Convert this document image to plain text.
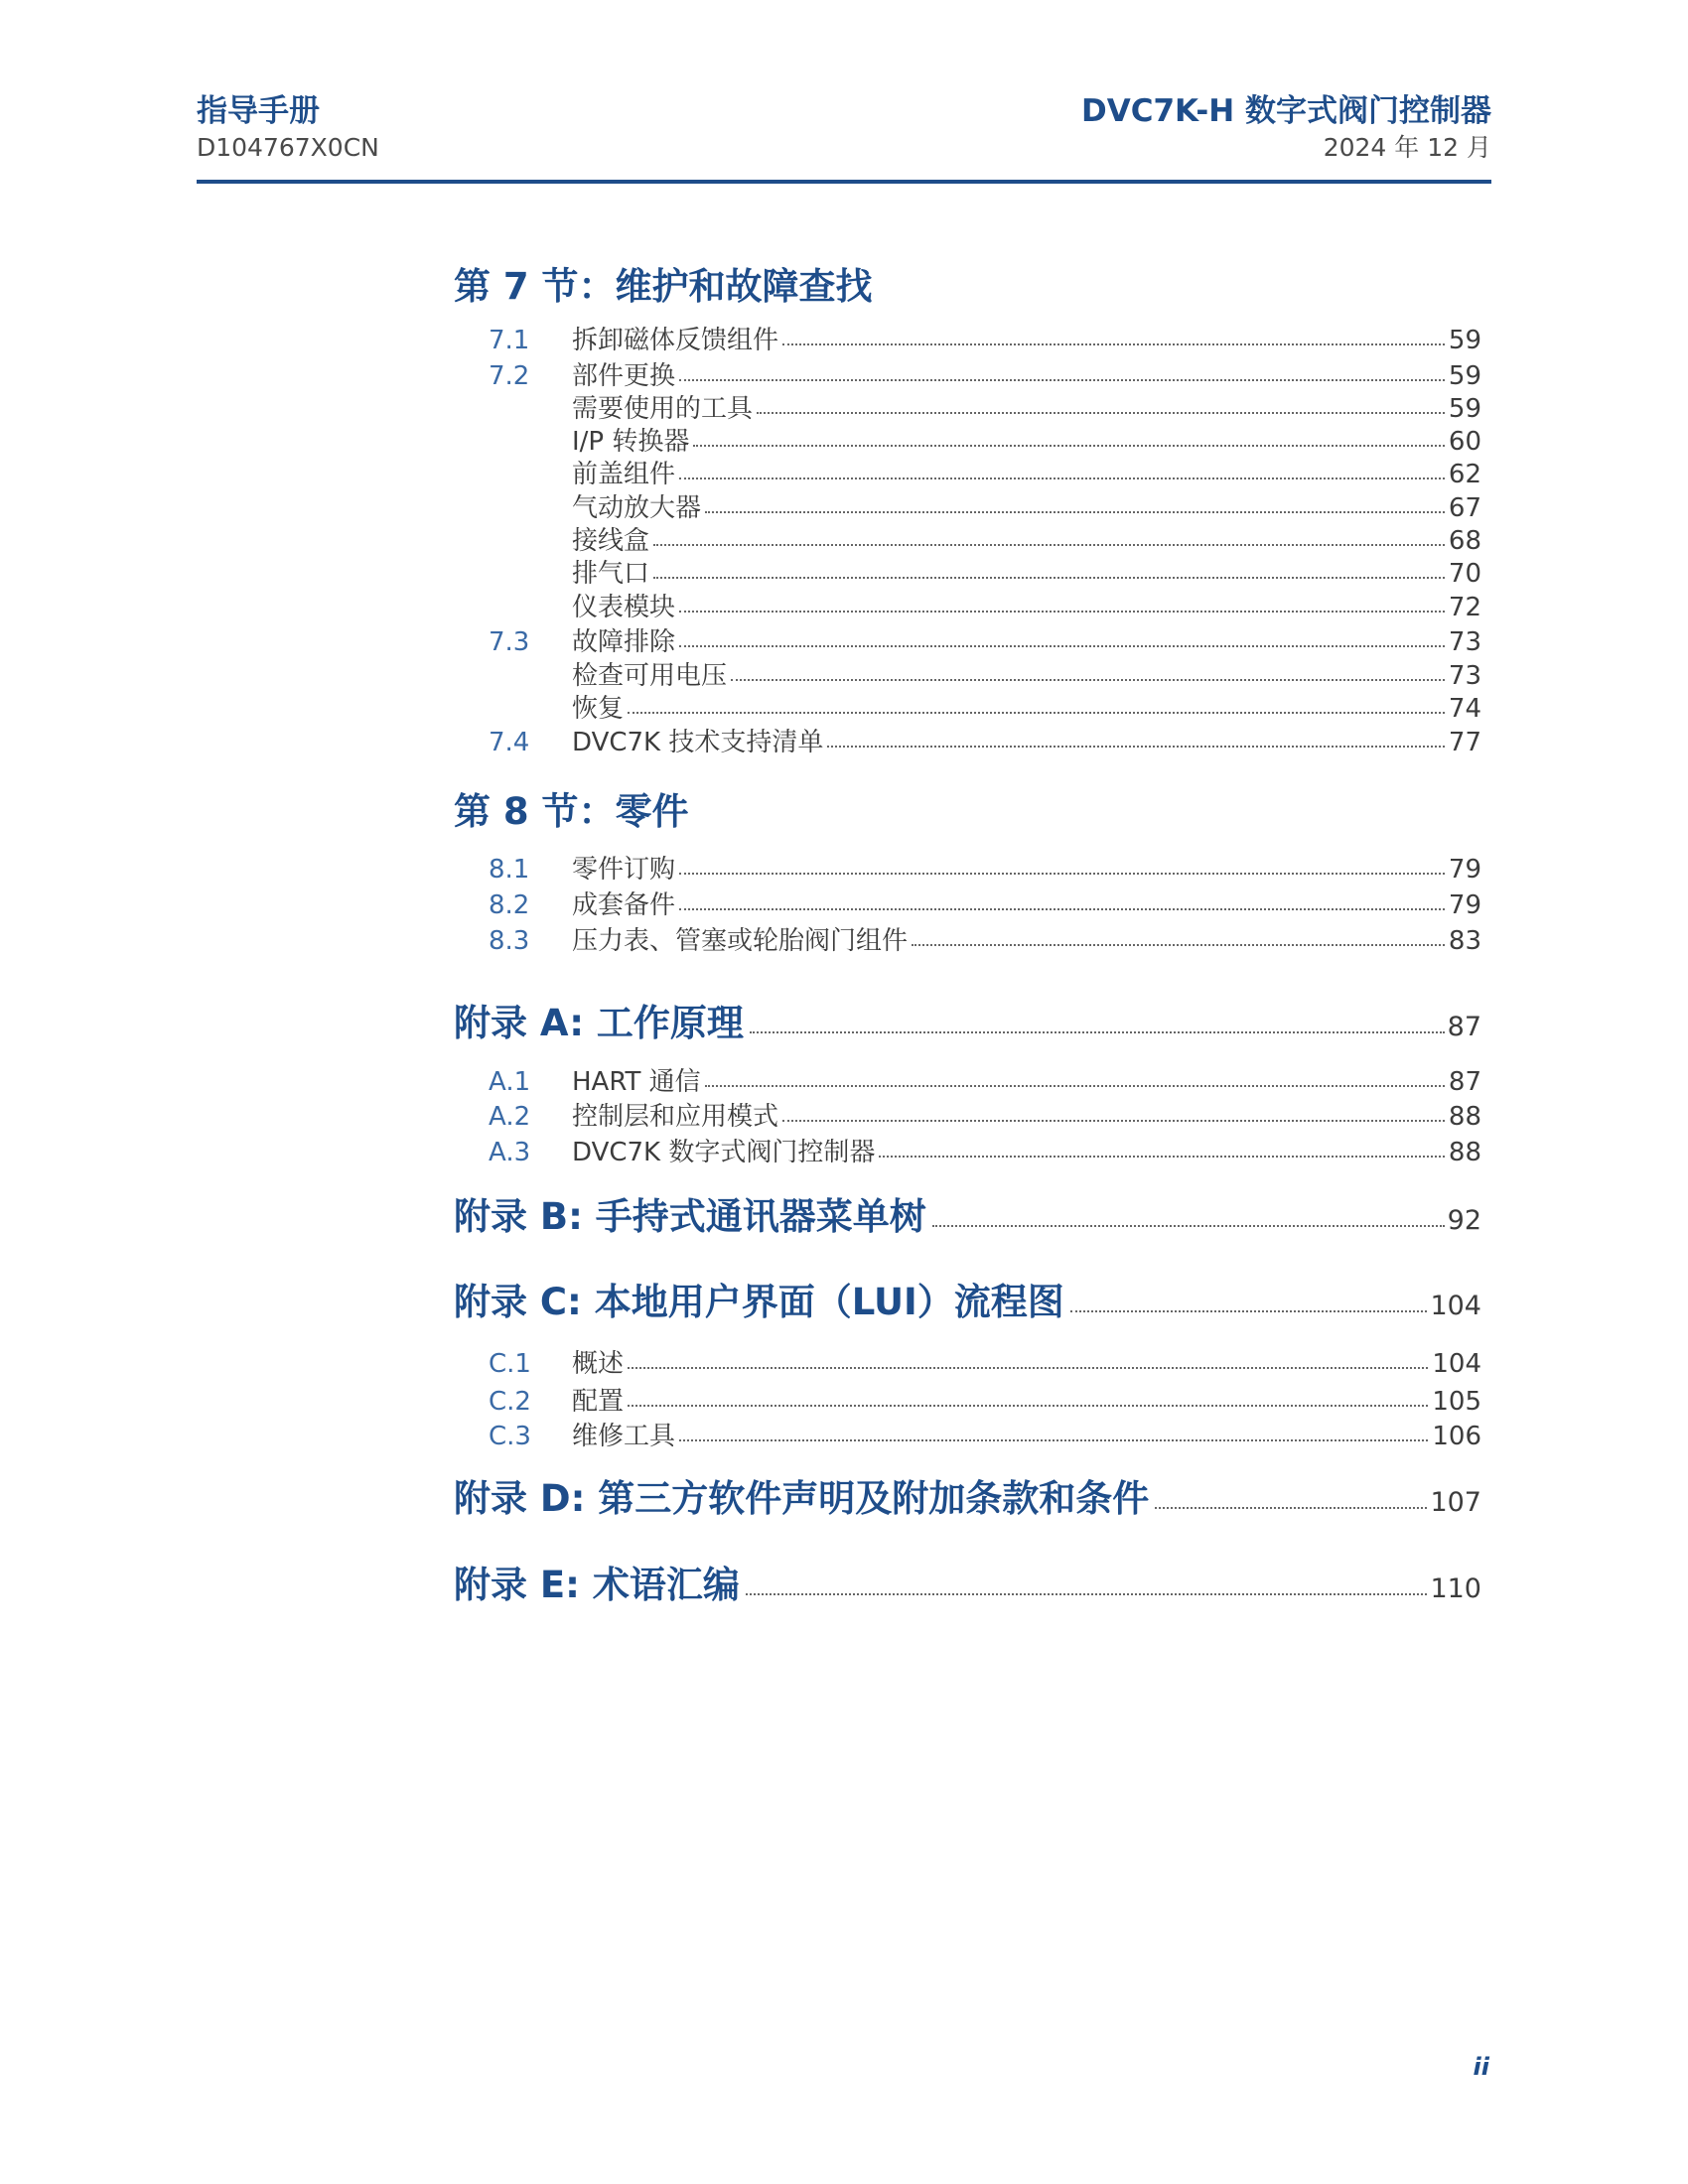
指导手册
D104767X0CN
DVC7K-H 数字式阀门控制器
2024 年 12 月
第 7 节：维护和故障查找
7.1	拆卸磁体反馈组件	59
7.2	部件更换	59
需要使用的工具	59
I/P 转换器	60
前盖组件	62
气动放大器	67
接线盒	68
排气口	70
仪表模块	72
7.3	故障排除	73
检查可用电压	73
恢复	74
7.4	DVC7K 技术支持清单	77
第 8 节：零件
8.1	零件订购	79
8.2	成套备件	79
8.3	压力表、管塞或轮胎阀门组件	83
附录 A: 工作原理	87
A.1	HART 通信	87
A.2	控制层和应用模式	88
A.3	DVC7K 数字式阀门控制器	88
附录 B: 手持式通讯器菜单树	92
附录 C: 本地用户界面（LUI）流程图	104
C.1	概述	104
C.2	配置	105
C.3	维修工具	106
附录 D: 第三方软件声明及附加条款和条件	107
附录 E: 术语汇编	110
ii
